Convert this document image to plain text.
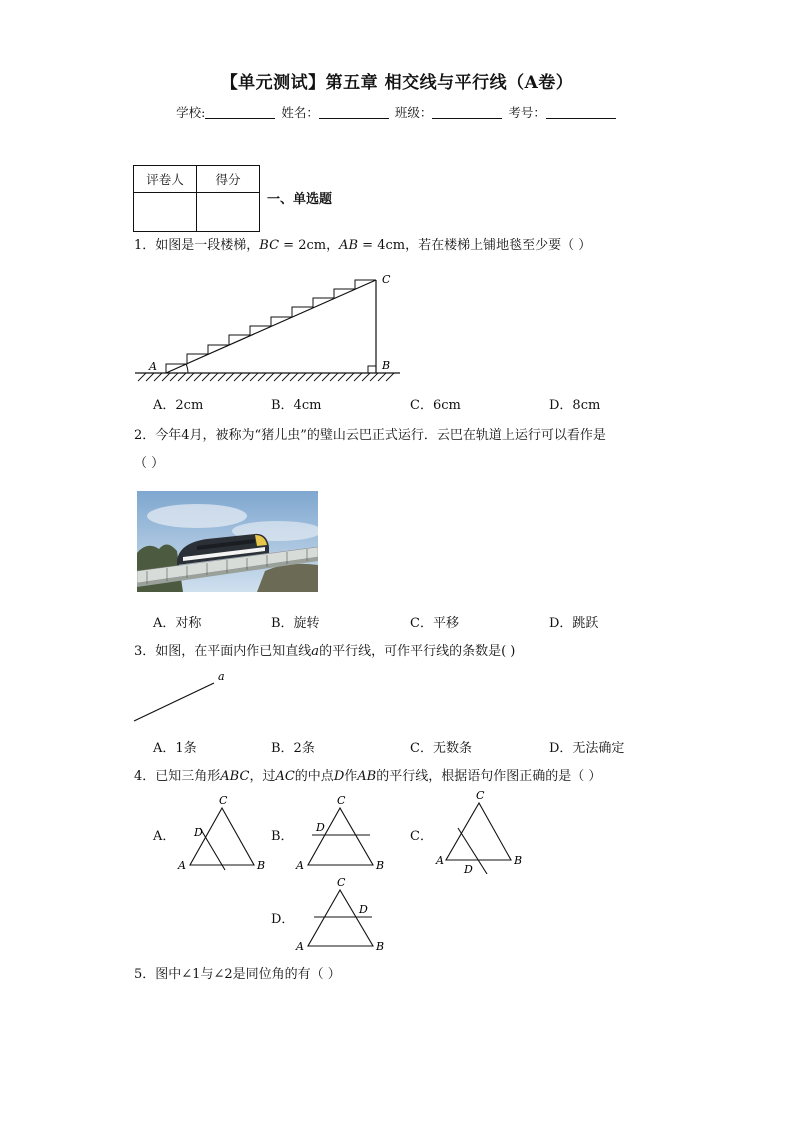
【单元测试】第五章 相交线与平行线（A卷）
学校:	姓名：	班级：	考号：
评卷人	得分

一、单选题
1．如图是一段楼梯，BC = 2cm，AB = 4cm，若在楼梯上铺地毯至少要（ ）
A	B
C
A．2cm	B．4cm	C．6cm	D．8cm
2．今年4月，被称为“猪儿虫”的璧山云巴正式运行．云巴在轨道上运行可以看作是
（ ）
A．对称	B．旋转	C．平移	D．跳跃
3．如图，在平面内作已知直线a的平行线，可作平行线的条数是( )
a
A．1条	B．2条	C．无数条	D．无法确定
4．已知三角形ABC，过AC的中点D作AB的平行线，根据语句作图正确的是（ ）
A．	B．	C．
D．
C
D
A	B
C
D
A	B
C
A	B
D
C
D
A	B
5．图中∠1与∠2是同位角的有（ ）
